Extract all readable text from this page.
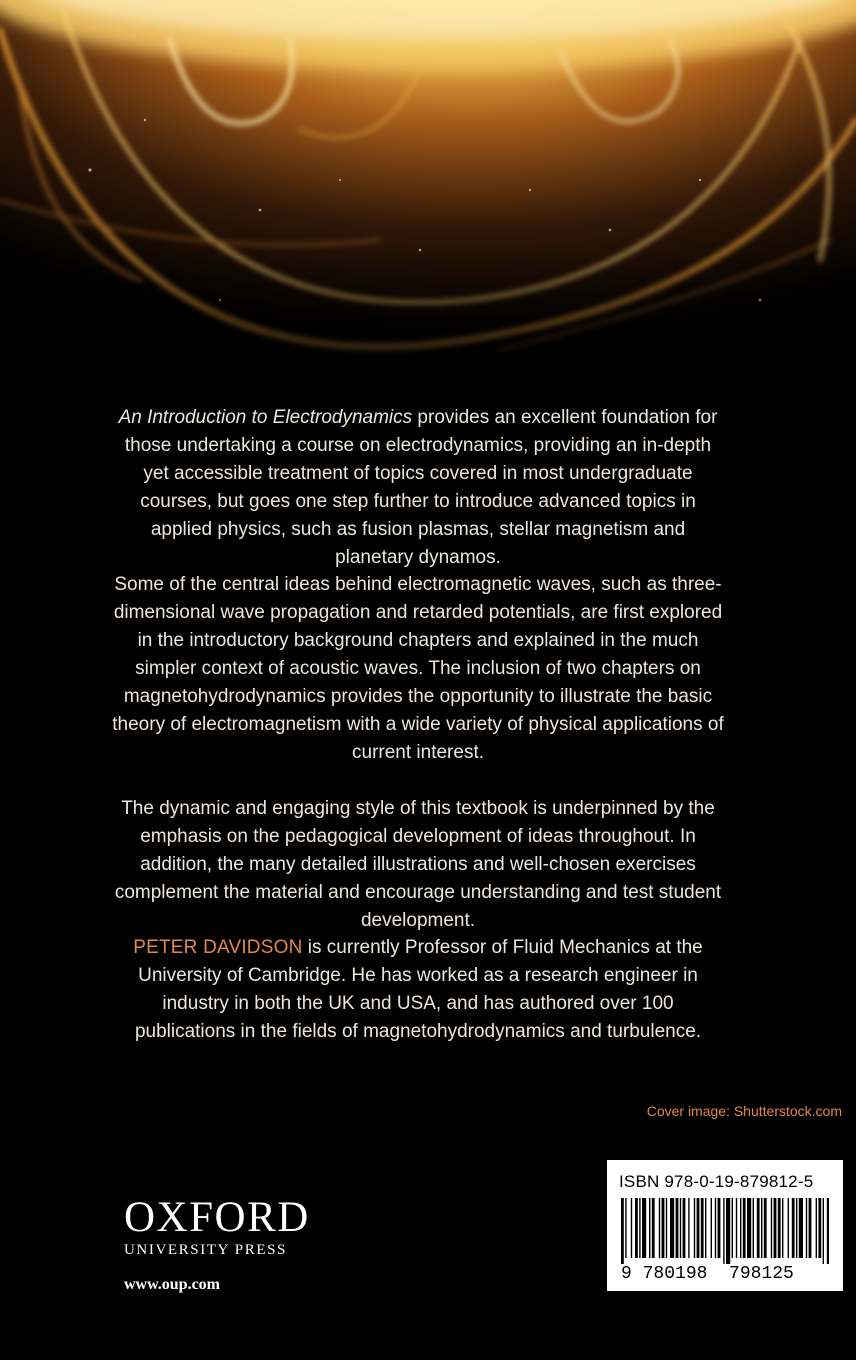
An Introduction to Electrodynamics provides an excellent foundation for those undertaking a course on electrodynamics, providing an in-depth yet accessible treatment of topics covered in most undergraduate courses, but goes one step further to introduce advanced topics in applied physics, such as fusion plasmas, stellar magnetism and planetary dynamos.
Some of the central ideas behind electromagnetic waves, such as three-dimensional wave propagation and retarded potentials, are first explored in the introductory background chapters and explained in the much simpler context of acoustic waves. The inclusion of two chapters on magnetohydrodynamics provides the opportunity to illustrate the basic theory of electromagnetism with a wide variety of physical applications of current interest.
The dynamic and engaging style of this textbook is underpinned by the emphasis on the pedagogical development of ideas throughout. In addition, the many detailed illustrations and well-chosen exercises complement the material and encourage understanding and test student development.
PETER DAVIDSON is currently Professor of Fluid Mechanics at the University of Cambridge. He has worked as a research engineer in industry in both the UK and USA, and has authored over 100 publications in the fields of magnetohydrodynamics and turbulence.
Cover image: Shutterstock.com
ISBN 978-0-19-879812-5
9 780198 798125
OXFORD
UNIVERSITY PRESS
www.oup.com
